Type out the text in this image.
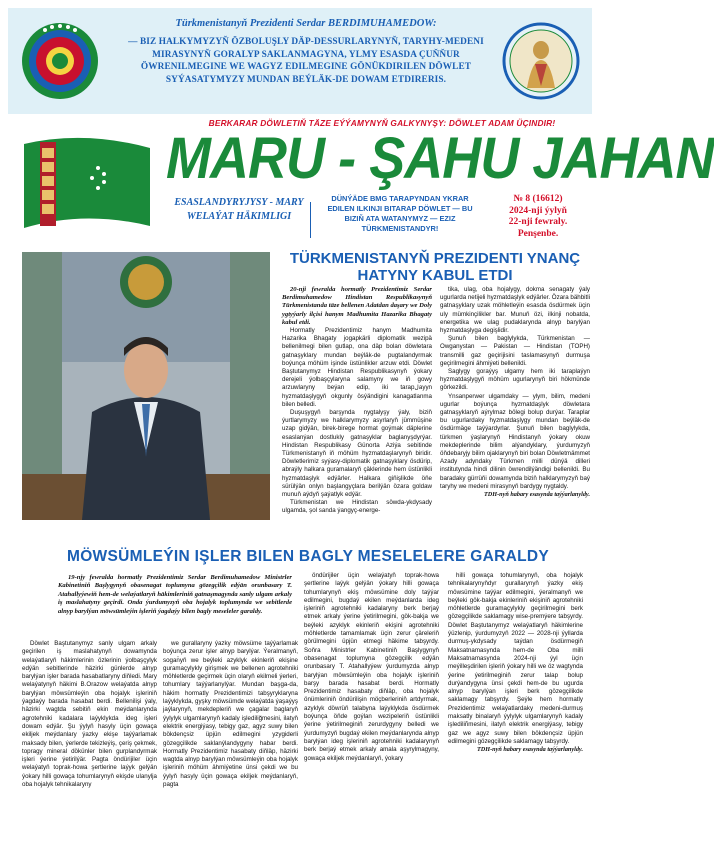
Türkmenistanyň Prezidenti Serdar BERDIMUHAMEDOW:
— BIZ HALKYMYZYŇ ÖZBOLUŞLY DÄP-DESSURLARYNYŇ, TARYHY-MEDENI MIRASYNYŇ GORALYP SAKLANMAGYNA, YLMY ESASDA ÇUŇŇUR ÖWRENILMEGINE WE WAGYZ EDILMEGINE GÖNÜKDIRILEN DÖWLET SYÝASATYMYZY MUNDAN BEÝLÄK-DE DOWAM ETDIRERIS.
BERKARAR DÖWLETIŇ TÄZE EÝÝAMYNYŇ GALKYNYŞY: DÖWLET ADAM ÜÇINDIR!
MARU - ŞAHU JAHAN
ESASLANDYRYJYSY - MARY WELAÝAT HÄKIMLIGI
DÜNÝÄDE BMG TARAPYNDAN YKRAR EDILEN ILKINJI BITARAP DÖWLET — BU BIZIŇ ATA WATANYMYZ — EZIZ TÜRKMENISTANDYR!
№ 8 (16612)
2024-nji ýylyň
22-nji fewraly.
Penşenbe.
TÜRKMENISTANYŇ PREZIDENTI YNANÇ HATYNY KABUL ETDI

20-nji fewralda hormatly Prezidentimiz Serdar Berdimuhamedow Hindistan Respublikasynyň Türkmenistanda täze bellenen Adatdan daşary we Doly ygtyýarly ilçisi hanym Madhumita Hazarika Bhagaty kabul etdi.

Hormatly Prezidentimiz hanym Madhumita Hazarika Bhagaty jogapkärli diplomatik wezipä bellenilmegi bilen gutlap, ona däp bolan döwletara gatnaşyklary mundan beýläk-de pugtalandyrmak boýunça möhüm işinde üstünlikler arzuw etdi. Döwlet Baştutanymyz Hindistan Respublikasynyň ýokary derejeli ýolbaşçylaryna salamyny we iň gowy arzuwlaryny beýan edip, iki tarapلayyn hyzmatdaşlygyň okgunly ösýändigini kanagatlanma bilen belledi.

Duşuşygyň barşynda nygtalyşy ýaly, biziň ýurtlarymyzy we halklarymyzy asyrlaryň jümmüşine uzap gidýän, birek-birege hormat goýmak däplerine esaslanýan dostlukly gatnaşyklar baglanyşdyrýar. Hindistan Respublikasy Günorta Aziýa sebitinde Türkmenistanyň iň möhüm hyzmatdaşlarynyň biridir. Döwletlerimiz syýasy-diplomatik gatnaşyklary ösdürip, abraýly halkara guramalaryň çäklerinde hem üstünlikli hyzmatdaşlyk edýärler. Halkara giňişlikde öňe sürülýän onlyn başlangyçlara berilýän özara goldaw munuň aýdyň şaýatlyk edýär.

Türkmenistan we Hindistan söwda-ykdysady ulgamda, şol sanda ýangyç-energe-

tika, ulag, oba hojalygy, dokma senagaty ýaly ugurlarda netijeli hyzmatdaşlyk edýärler. Özara bähbitli gatnaşyklary uzak möhletleýin esasda ösdürmek üçin uly mümkinçilikler bar. Munuň özi, ilkinji nobatda, energetika we ulag pudaklarynda alnyp barylýan hyzmatdaşlyga degişlidir.

Şunuň bilen baglylykda, Türkmenistan — Owganystan — Pakistan — Hindistan (TOPH) transmilli gaz geçirijisini taslamasynyň durmuşa geçirilmegini ähmiýeti bellenildi.

Saglygy goraýyş ulgamy hem iki taraplaýyn hyzmatdaşlygyň möhüm ugurlarynyň biri hökmünde görkezildi.

Ynsanperwer ulgamdaky — ylym, bilim, medeni ugurlar boýunça hyzmatdaşlyk döwletara gatnaşyklaryň aýrylmaz bölegi bolup durýar. Taraplar bu ugurlardaky hyzmatdaşlygy mundan beýläk-de ösdürmäge taýýardyrlar. Şunuň bilen baglylykda, türkmen ýaşlarynyň Hindistanyň ýokary okuw mekdeplerinde bilim alýandyklary, ýurdumyzyň öňdebaryjy bilim ojaklarynyň biri bolan Döwletmämmet Azady adyndaky Türkmen milli dünýä dilleri institutynda hindi dilinin öwrendilýändigi bellenildi. Bu baradaky gürrüňi dowamynda biziň halklarymyzyň baý taryhy we medeni mirasynyň bardygy nygtaldy.

TDH-nyň habary esasynda taýýarlanyldy.

MÖWSÜMLEÝIN IŞLER BILEN BAGLY MESELELERE GARALDY
19-njy fewralda hormatly Prezidentimiz Serdar Berdimuhamedow Ministrler Kabinetiniň Başlygynyň obasenagat toplumyna gözegçilik edýän orunbasary T. Atahallyýewiň hem-de welaýatlaryň häkimleriniň gatnaşmagynda sanly ulgam arkaly iş maslahatyny geçirdi. Onda ýurdumyzyň oba hojalyk toplumynda we sebitlerde alnyp barylýan möwsümleýin işleriň ýagdaýy bilen bagly meseleler garaldy.

Döwlet Baştutanymyz sanly ulgam arkaly geçirilen iş maslahatynyň dowamynda welaýatlaryň häkimlerinin özlerinin ýolbaşçylyk edýän sebitlerinde häzirki günlerde alnyp barylýan işler barada hasabatlaryny diňledi. Mary welaýatynyň häkimi B.Orazow welaýatda alnyp barylýan möwsümleýin oba hojalyk işleriniň ýagdaýy barada hasabat berdi. Bellenilişi ýaly, häzirki wagtda sebitiň ekin meýdanlarynda agrotehniki kadalara laýyklykda ideg işleri dowam edýär. Şu ýylyň hasyly üçin gowaça ekiljek meýdanlary ýazky ekişe taýýarlamak maksady bilen, ýerlerde tekizleýiş, çeriş çekmek, topragy mineral dökünler bilen gurplandyrmak işleri ýerine ýetirilýär. Pagta öndürijiler üçin welaýatyň toprak-howa şertlerine laýyk gelýän ýokary hilli gowaça tohumlarynyň ekişde ulanylja oba hojalyk tehnikalaryny

we gurallaryny ýazky möwsüme taýýarlamak boýunça zerur işler alnyp barylýar. Ýeralmanyň, sogan̈yň we beýleki azyklyk ekinleriň ekişine guramaçylykly girişmek we bellenen agrotehniki möhletlerde geçirmek üçin olaryň ekilmeli ýerleri, tohumlary taýýarlanylýar. Mundan başga-da, häkim hormatly Prezidentimizi tabşyryklaryna laýyklykda, gyşky möwsümde welaýatda ýaşaýyş jaýlarynyň, mekdepleriň we çagalar baglaryň ýylylyk ulgamlarynyň kadaly işlediliğmesini, ilatyň elektrik energiýasy, tebigy gaz, agyz suwy bilen bökdençsiz üpjün edilmegini yzygiderli gözegçilikde saklanýlandygyny habar berdi. Hormatly Prezidentimiz hasabaty diňläp, häzirki wagtda alnyp barylýan möwsümleýin oba hojalyk işleriniň möhüm ähmiýetine ünsi çekdi we bu ýylyň hasyly üçin gowaça ekiljek meýdanlaryň, pagta

öndürijiler üçin welaýatyň toprak-howa şertlerine laýyk gelýän ýokary hilli gowaça tohumlarynyň ekiş möwsümine doly taýýar edilmegini, bugdaý ekilen meýdanlarda ideg işleriniň agrotehniki kadalaryny berk berjaý etmek arkaly ýerine ýetirilmegini, gök-bakja we beýleki azyklyk ekinleriň ekişini agrotehniki möhletlerde tamamlamak üçin zerur çäreleriň görülmegini üpjün etmegi häkime tabşyrdy. Soňra Ministrler Kabinetiniň Başlygynyň obasenagat toplumyna gözegçilik edýän orunbasary T. Atahallyýew ýurdumyzda alnyp barylýan möwsümleýin oba hojalyk işleriniň barşy barada hasabat berdi. Hormatly Prezidentimiz hasabaty diňläp, oba hojalyk önümleriniň öndürilişin möçberleriniň artdyrmak, azyklyk döwrüň talabyna laýyklykda ösdürmek boýunça öňde goýlan wezipeleriň üstünlikli ýerine ýetirilmeginiň zerurdygyny belledi we ýurdumyzyň bugdaý ekilen meýdanlarynda alnyp barylýan ideg işleriniň agrotehniki kadalarynyň berk berjaý etmek arkaly amala aşyrylmagyny, gowaça ekiljek meýdanlaryň, ýokary

hilli gowaça tohumlarynyň, oba hojalyk tehnikalarynyňdyr gurallarynyň ýazky ekiş möwsümine taýýar edilmegini, ýeralmanyň we beýleki gök-bakja ekinleriniň ekişiniň agrotehniki möhletlerde guramaçylykly geçirilmegini berk gözegçilikde saklamagy wise-premýere tabşyrdy. Döwlet Baştutanymyz welaýatlaryň häkimlerine ýüzlenip, ýurdumyzyň 2022 — 2028-nji ýyllarda durmuş-ykdysady taýdan ösdürmegiň Maksatnamasynda hem-de Oba milli Maksatnamasynda 2024-nji ýyl üçin meýilleşdirilen işleriň ýokary hilli we öz wagtynda ýerine ýetirilmeginiň zerur talap bolup durýandygyna ünsi çekdi hem-de bu ugurda alnyp barylýan işleri berk gözegçilikde saklamagy tabşyrdy. Şeýle hem hormatly Prezidentimiz welaýatlardaky medeni-durmuş maksatly binalaryň ýylylyk ulgamlarynyň kadaly işlediliñmesini, ilatyň elektrik energiýasy, tebigy gaz we agyz suwy bilen bökdençsiz üpjün edilmegini gözegçilikde saklamagy tabşyrdy.

TDH-nyň habary esasynda taýýarlanyldy.
